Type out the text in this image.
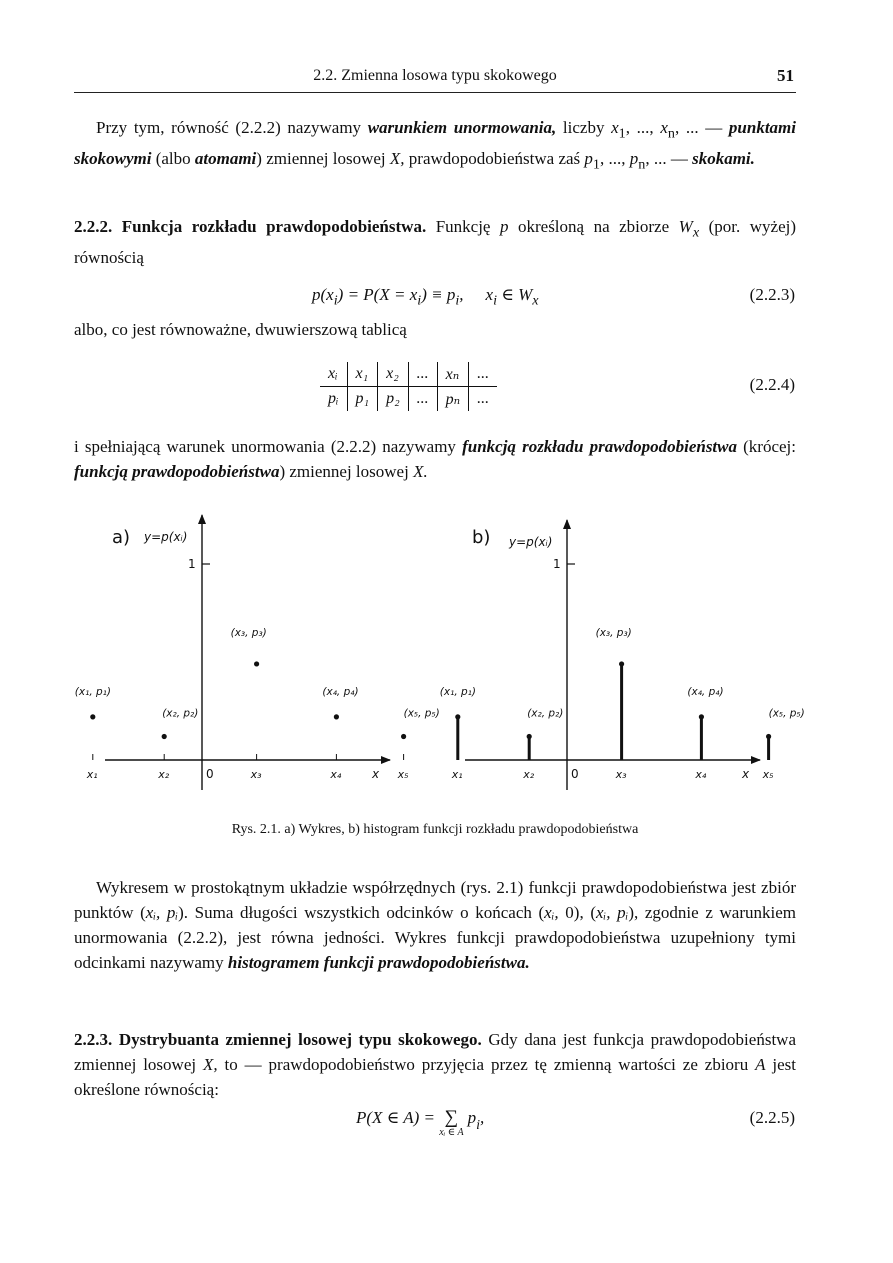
2.2. Zmienna losowa typu skokowego	51
Przy tym, równość (2.2.2) nazywamy warunkiem unormowania, liczby $x_1$, ..., $x_n$, ... — punktami skokowymi (albo atomami) zmiennej losowej X, prawdopodobieństwa zaś $p_1$, ..., $p_n$, ... — skokami.
2.2.2. Funkcja rozkładu prawdopodobieństwa. Funkcję p określoną na zbiorze $W_x$ (por. wyżej) równością
$p(x_i) = P(X = x_i) \equiv p_i$, $x_i$ ∈ $W_x$	(2.2.3)
albo, co jest równoważne, dwuwierszową tablicą
xᵢ	x₁	x₂	...	xₙ	...
pᵢ	p₁	p₂	...	pₙ	...
(2.2.4)
i spełniającą warunek unormowania (2.2.2) nazywamy funkcją rozkładu prawdopodobieństwa (krócej: funkcją prawdopodobieństwa) zmiennej losowej X.
a) y=p(xᵢ)
1
0	x
x₁
(x₁, p₁)
x₂
(x₂, p₂)
x₃
(x₃, p₃)
x₄
(x₄, p₄)
x₅
(x₅, p₅)
b) y=p(xᵢ)
1
0	x
x₁
(x₁, p₁)
x₂
(x₂, p₂)
x₃
(x₃, p₃)
x₄
(x₄, p₄)
x₅
(x₅, p₅)
Rys. 2.1. a) Wykres, b) histogram funkcji rozkładu prawdopodobieństwa
Wykresem w prostokątnym układzie współrzędnych (rys. 2.1) funkcji prawdopodobieństwa jest zbiór punktów (xᵢ, pᵢ). Suma długości wszystkich odcinków o końcach (xᵢ, 0), (xᵢ, pᵢ), zgodnie z warunkiem unormowania (2.2.2), jest równa jedności. Wykres funkcji prawdopodobieństwa uzupełniony tymi odcinkami nazywamy histogramem funkcji prawdopodobieństwa.
2.2.3. Dystrybuanta zmiennej losowej typu skokowego. Gdy dana jest funkcja prawdopodobieństwa zmiennej losowej X, to — prawdopodobieństwo przyjęcia przez tę zmienną wartości ze zbioru A jest określone równością:
P(X ∈ A) = ∑
xᵢ ∈ A
$p_i$,	(2.2.5)
